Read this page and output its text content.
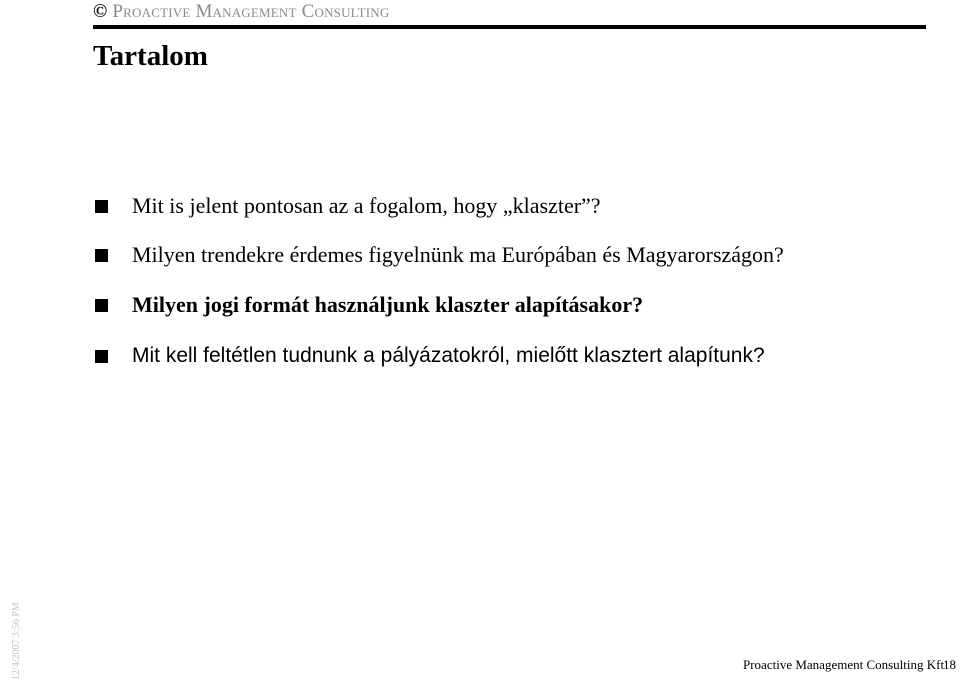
© Proactive Management Consulting
Tartalom
Mit is jelent pontosan az a fogalom, hogy „klaszter”?
Milyen trendekre érdemes figyelnünk ma Európában és Magyarországon?
Milyen jogi formát használjunk klaszter alapításakor?
Mit kell feltétlen tudnunk a pályázatokról, mielőtt klasztert alapítunk?
12/4/2007 3:56 PM	Proactive Management Consulting Kft
18
